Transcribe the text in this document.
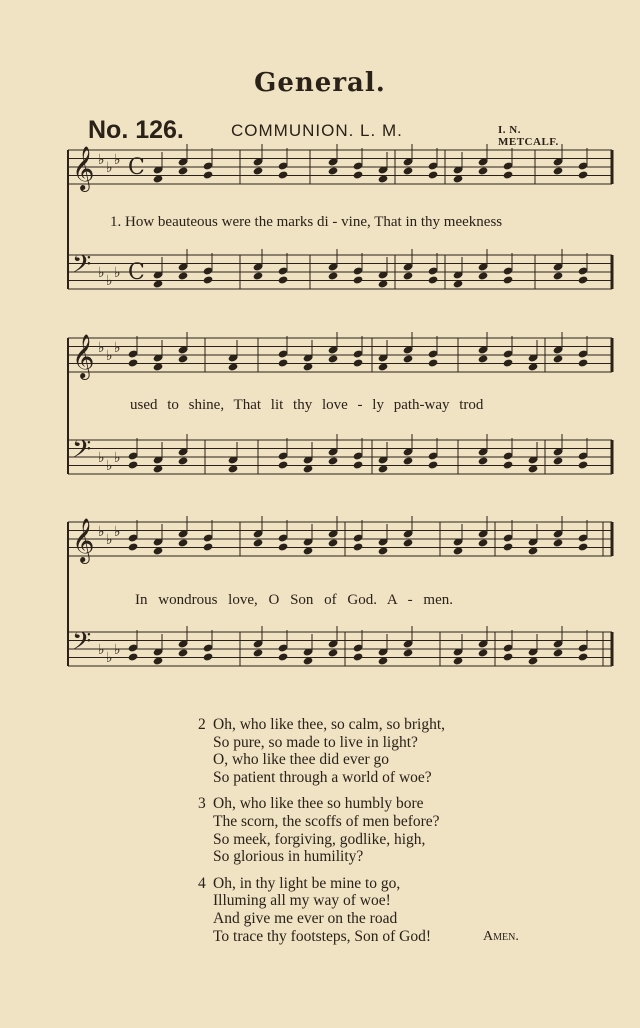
General.
No. 126.	COMMUNION. L. M.	I. N. METCALF.
𝄞 ♭ ♭ ♭ C
𝄢 ♭ ♭ ♭ C
𝄞 ♭ ♭ ♭
𝄢 ♭ ♭ ♭
𝄞 ♭ ♭ ♭
𝄢 ♭ ♭ ♭
1. How beauteous were the marks di - vine, That in thy meekness
used to shine, That lit thy love - ly path-way trod
In wondrous love, O Son of God. A - men.
2 Oh, who like thee, so calm, so bright,
So pure, so made to live in light?
O, who like thee did ever go
So patient through a world of woe?
3 Oh, who like thee so humbly bore
The scorn, the scoffs of men before?
So meek, forgiving, godlike, high,
So glorious in humility?
4 Oh, in thy light be mine to go,
Illuming all my way of woe!
And give me ever on the road
To trace thy footsteps, Son of God!	Amen.
